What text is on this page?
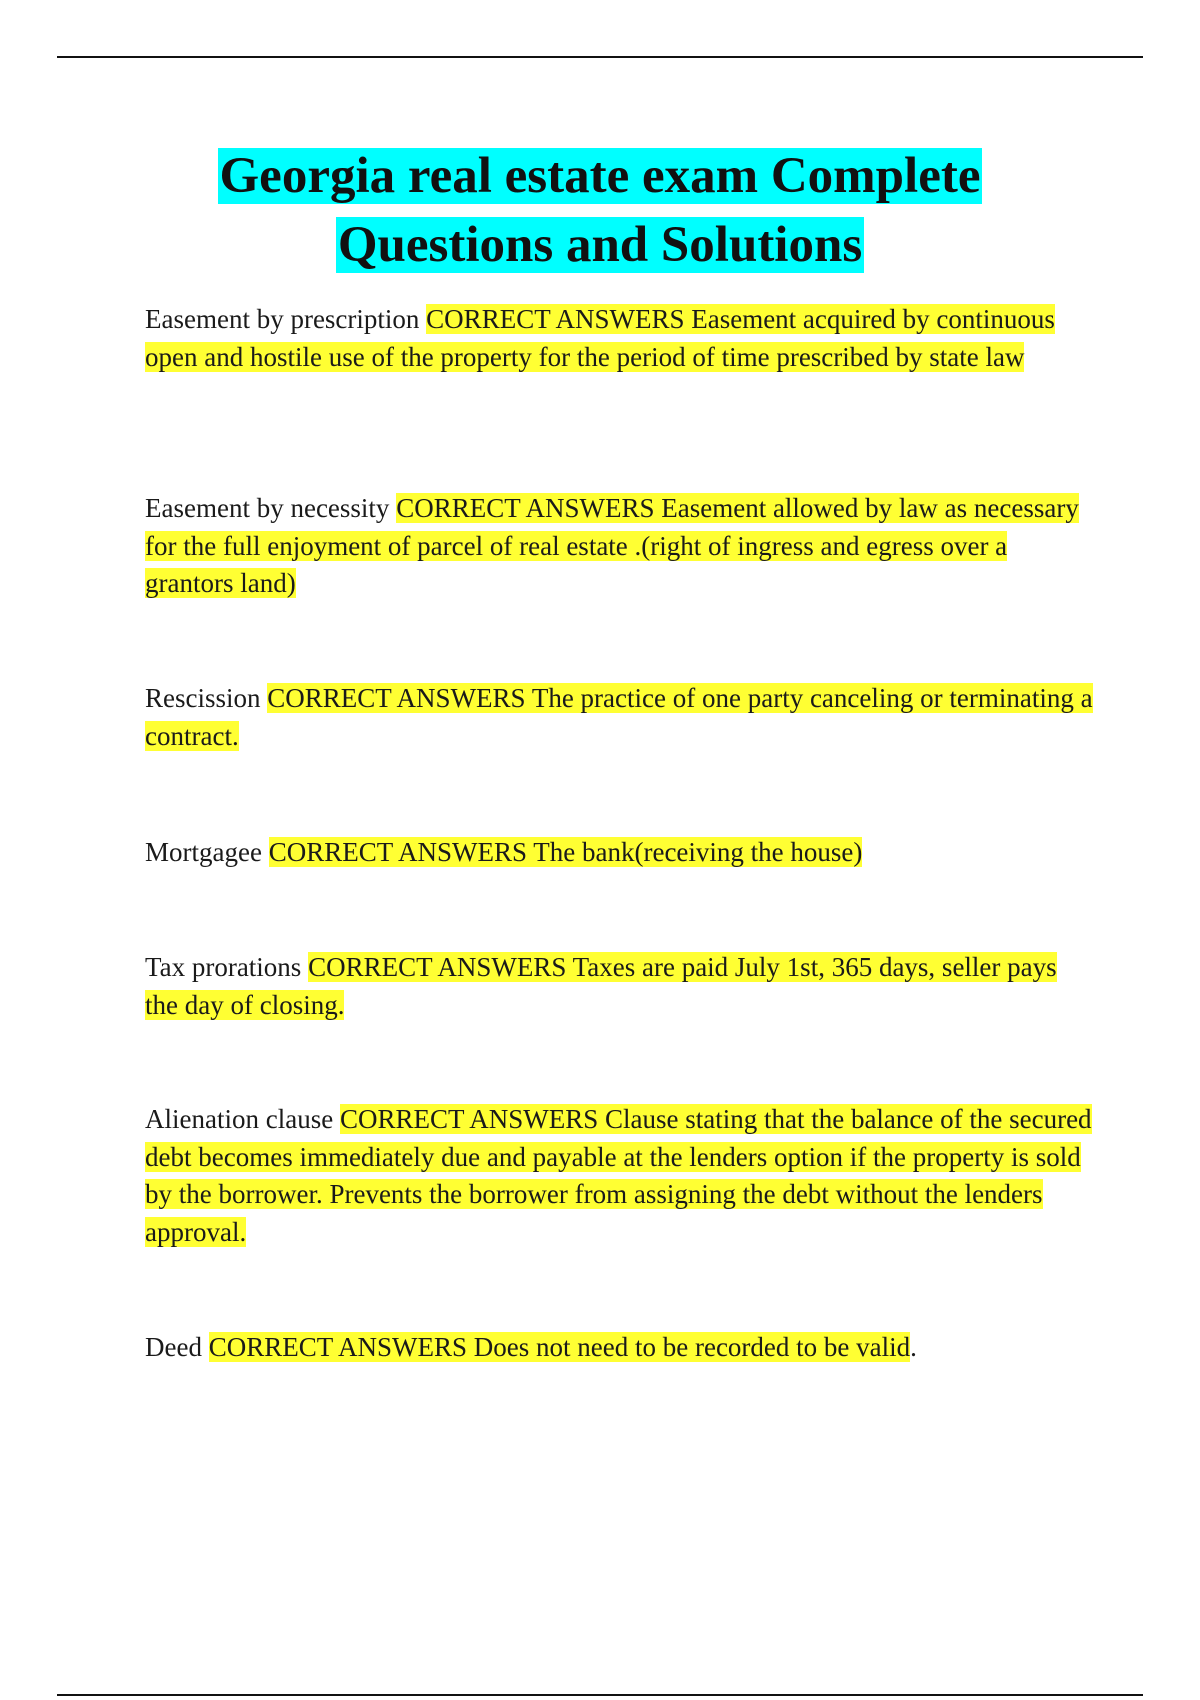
Georgia real estate exam Complete
Questions and Solutions

Easement by prescription CORRECT ANSWERS Easement acquired by continuous open and hostile use of the property for the period of time prescribed by state law

Easement by necessity CORRECT ANSWERS Easement allowed by law as necessary for the full enjoyment of parcel of real estate .(right of ingress and egress over a grantors land)

Rescission CORRECT ANSWERS The practice of one party canceling or terminating a contract.

Mortgagee CORRECT ANSWERS The bank(receiving the house)

Tax prorations CORRECT ANSWERS Taxes are paid July 1st, 365 days, seller pays the day of closing.

Alienation clause CORRECT ANSWERS Clause stating that the balance of the secured debt becomes immediately due and payable at the lenders option if the property is sold by the borrower. Prevents the borrower from assigning the debt without the lenders approval.

Deed CORRECT ANSWERS Does not need to be recorded to be valid.
